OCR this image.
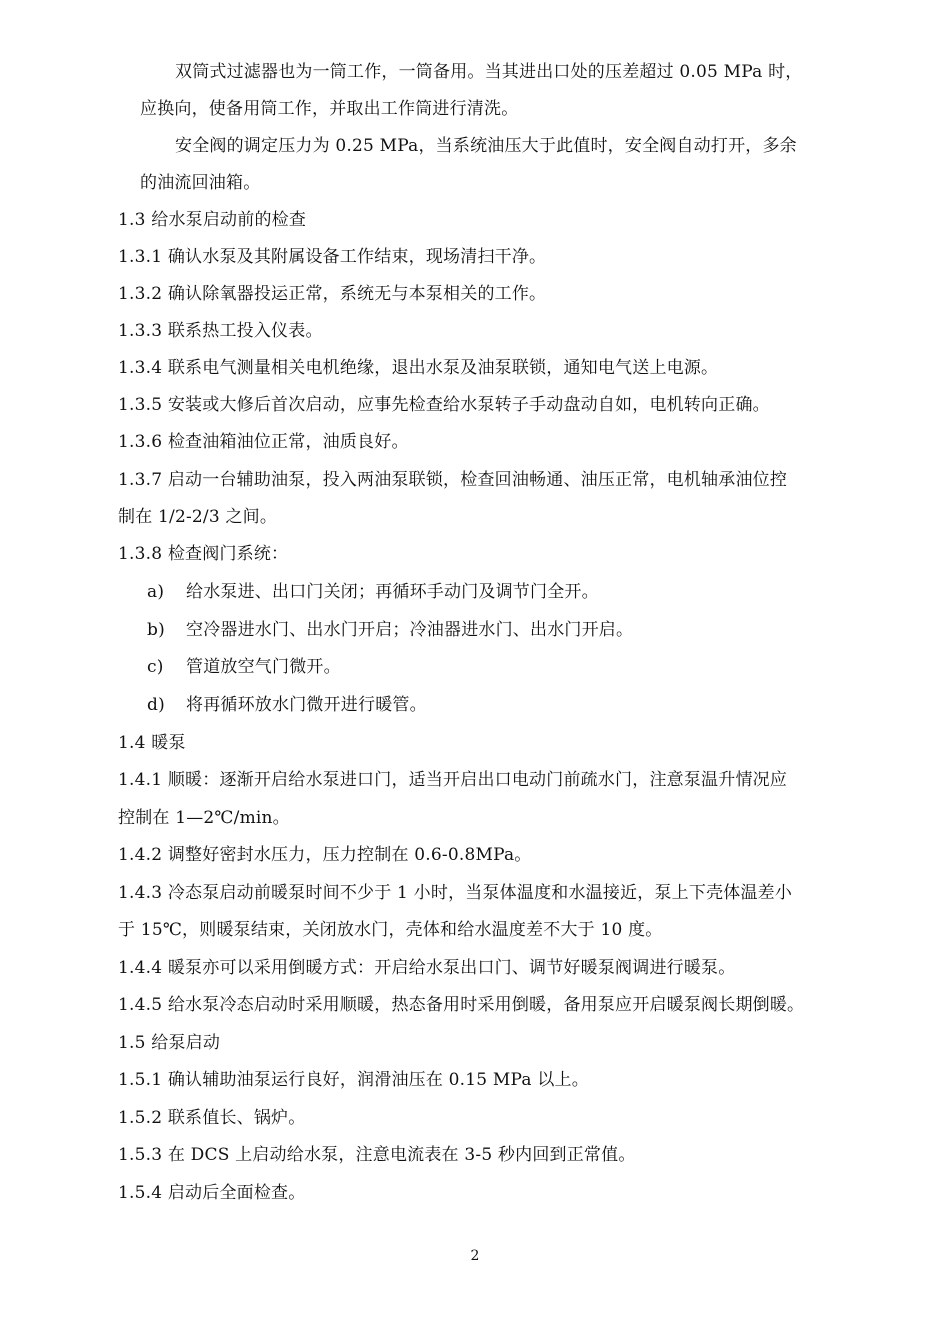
双筒式过滤器也为一筒工作，一筒备用。当其进出口处的压差超过 0.05 MPa 时，
应换向，使备用筒工作，并取出工作筒进行清洗。
安全阀的调定压力为 0.25 MPa，当系统油压大于此值时，安全阀自动打开，多余
的油流回油箱。
1.3 给水泵启动前的检查
1.3.1 确认水泵及其附属设备工作结束，现场清扫干净。
1.3.2 确认除氧器投运正常，系统无与本泵相关的工作。
1.3.3 联系热工投入仪表。
1.3.4 联系电气测量相关电机绝缘，退出水泵及油泵联锁，通知电气送上电源。
1.3.5 安装或大修后首次启动，应事先检查给水泵转子手动盘动自如，电机转向正确。
1.3.6 检查油箱油位正常，油质良好。
1.3.7 启动一台辅助油泵，投入两油泵联锁，检查回油畅通、油压正常，电机轴承油位控
制在 1/2-2/3 之间。
1.3.8 检查阀门系统：
a) 给水泵进、出口门关闭；再循环手动门及调节门全开。
b) 空冷器进水门、出水门开启；冷油器进水门、出水门开启。
c) 管道放空气门微开。
d) 将再循环放水门微开进行暖管。
1.4 暖泵
1.4.1 顺暖：逐渐开启给水泵进口门，适当开启出口电动门前疏水门，注意泵温升情况应
控制在 1—2℃/min。
1.4.2 调整好密封水压力，压力控制在 0.6-0.8MPa。
1.4.3 冷态泵启动前暖泵时间不少于 1 小时，当泵体温度和水温接近，泵上下壳体温差小
于 15℃，则暖泵结束，关闭放水门，壳体和给水温度差不大于 10 度。
1.4.4 暖泵亦可以采用倒暖方式：开启给水泵出口门、调节好暖泵阀调进行暖泵。
1.4.5 给水泵冷态启动时采用顺暖，热态备用时采用倒暖，备用泵应开启暖泵阀长期倒暖。
1.5 给泵启动
1.5.1 确认辅助油泵运行良好，润滑油压在 0.15 MPa 以上。
1.5.2 联系值长、锅炉。
1.5.3 在 DCS 上启动给水泵，注意电流表在 3-5 秒内回到正常值。
1.5.4 启动后全面检查。
2
